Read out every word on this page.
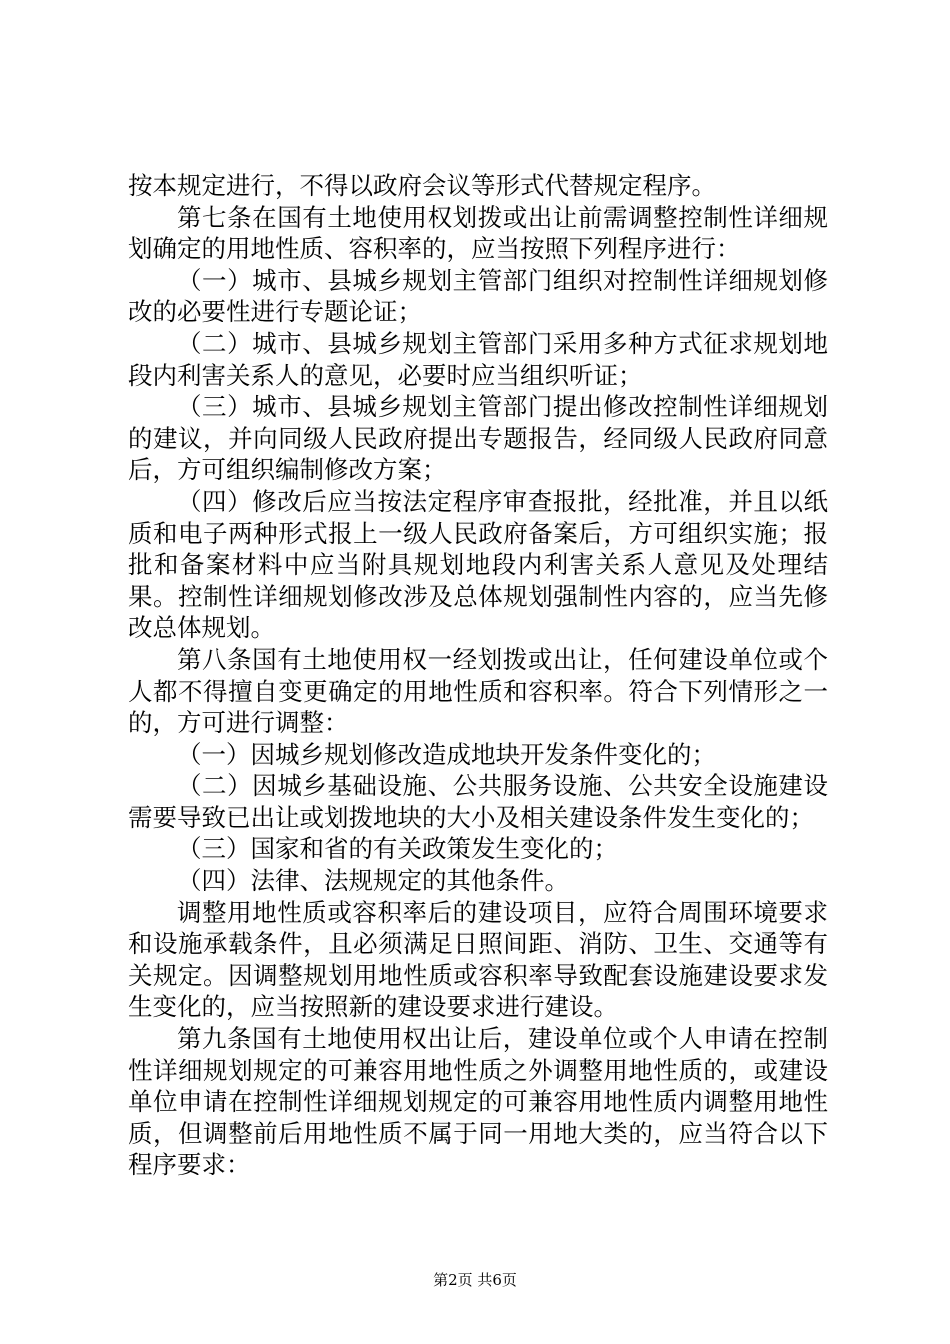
按本规定进行，不得以政府会议等形式代替规定程序。

第七条在国有土地使用权划拨或出让前需调整控制性详细规划确定的用地性质、容积率的，应当按照下列程序进行：

（一）城市、县城乡规划主管部门组织对控制性详细规划修改的必要性进行专题论证；

（二）城市、县城乡规划主管部门采用多种方式征求规划地段内利害关系人的意见，必要时应当组织听证；

（三）城市、县城乡规划主管部门提出修改控制性详细规划的建议，并向同级人民政府提出专题报告，经同级人民政府同意后，方可组织编制修改方案；

（四）修改后应当按法定程序审查报批，经批准，并且以纸质和电子两种形式报上一级人民政府备案后，方可组织实施；报批和备案材料中应当附具规划地段内利害关系人意见及处理结果。控制性详细规划修改涉及总体规划强制性内容的，应当先修改总体规划。

第八条国有土地使用权一经划拨或出让，任何建设单位或个人都不得擅自变更确定的用地性质和容积率。符合下列情形之一的，方可进行调整：

（一）因城乡规划修改造成地块开发条件变化的；

（二）因城乡基础设施、公共服务设施、公共安全设施建设需要导致已出让或划拨地块的大小及相关建设条件发生变化的；

（三）国家和省的有关政策发生变化的；

（四）法律、法规规定的其他条件。

调整用地性质或容积率后的建设项目，应符合周围环境要求和设施承载条件，且必须满足日照间距、消防、卫生、交通等有关规定。因调整规划用地性质或容积率导致配套设施建设要求发生变化的，应当按照新的建设要求进行建设。

第九条国有土地使用权出让后，建设单位或个人申请在控制性详细规划规定的可兼容用地性质之外调整用地性质的，或建设单位申请在控制性详细规划规定的可兼容用地性质内调整用地性质，但调整前后用地性质不属于同一用地大类的，应当符合以下程序要求：

第2页 共6页
